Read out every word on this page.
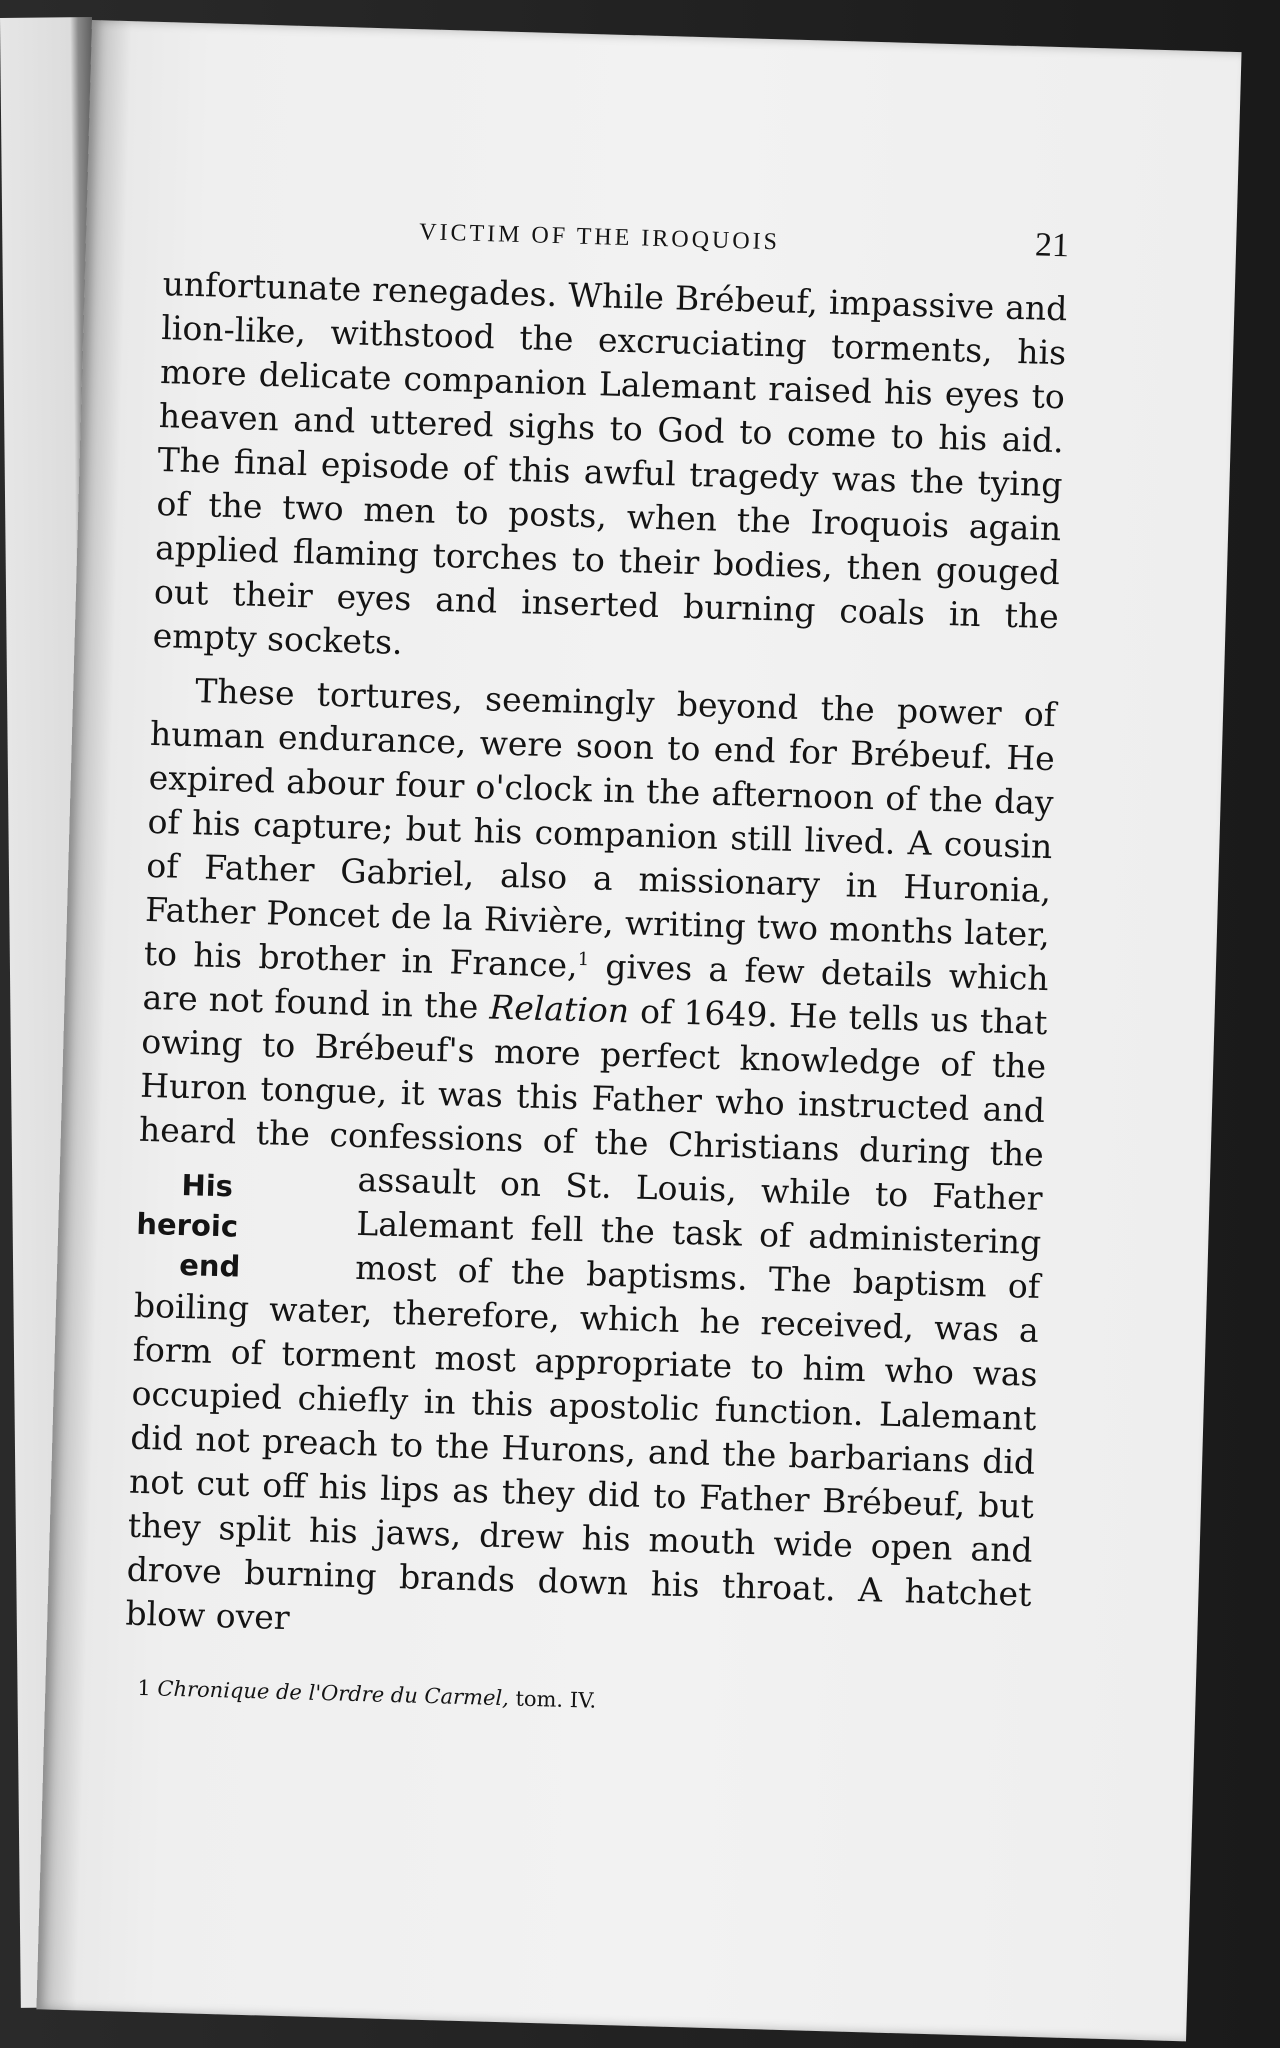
VICTIM OF THE IROQUOIS	21

unfortunate renegades. While Brébeuf, impassive and lion-like, withstood the excruciating torments, his more delicate companion Lalemant raised his eyes to heaven and uttered sighs to God to come to his aid. The final episode of this awful tragedy was the tying of the two men to posts, when the Iroquois again applied flaming torches to their bodies, then gouged out their eyes and inserted burning coals in the empty sockets.

These tortures, seemingly beyond the power of human endurance, were soon to end for Brébeuf. He expired abour four o'clock in the afternoon of the day of his capture; but his companion still lived. A cousin of Father Gabriel, also a missionary in Huronia, Father Poncet de la Rivière, writing two months later, to his brother in France,$^1$ gives a few details which are not found in the Relation of 1649. He tells us that owing to Brébeuf's more perfect knowledge of the Huron tongue, it was this Father who instructed and heard the confessions of the Christians during the assault
His heroic
end
on St. Louis, while to Father Lalemant fell the task of administering most of the baptisms. The baptism of boiling water, therefore, which he received, was a form of torment most appropriate to him who was occupied chiefly in this apostolic function. Lalemant did not preach to the Hurons, and the barbarians did not cut off his lips as they did to Father Brébeuf, but they split his jaws, drew his mouth wide open and drove burning brands down his throat. A hatchet blow over

1 Chronique de l'Ordre du Carmel, tom. IV.
